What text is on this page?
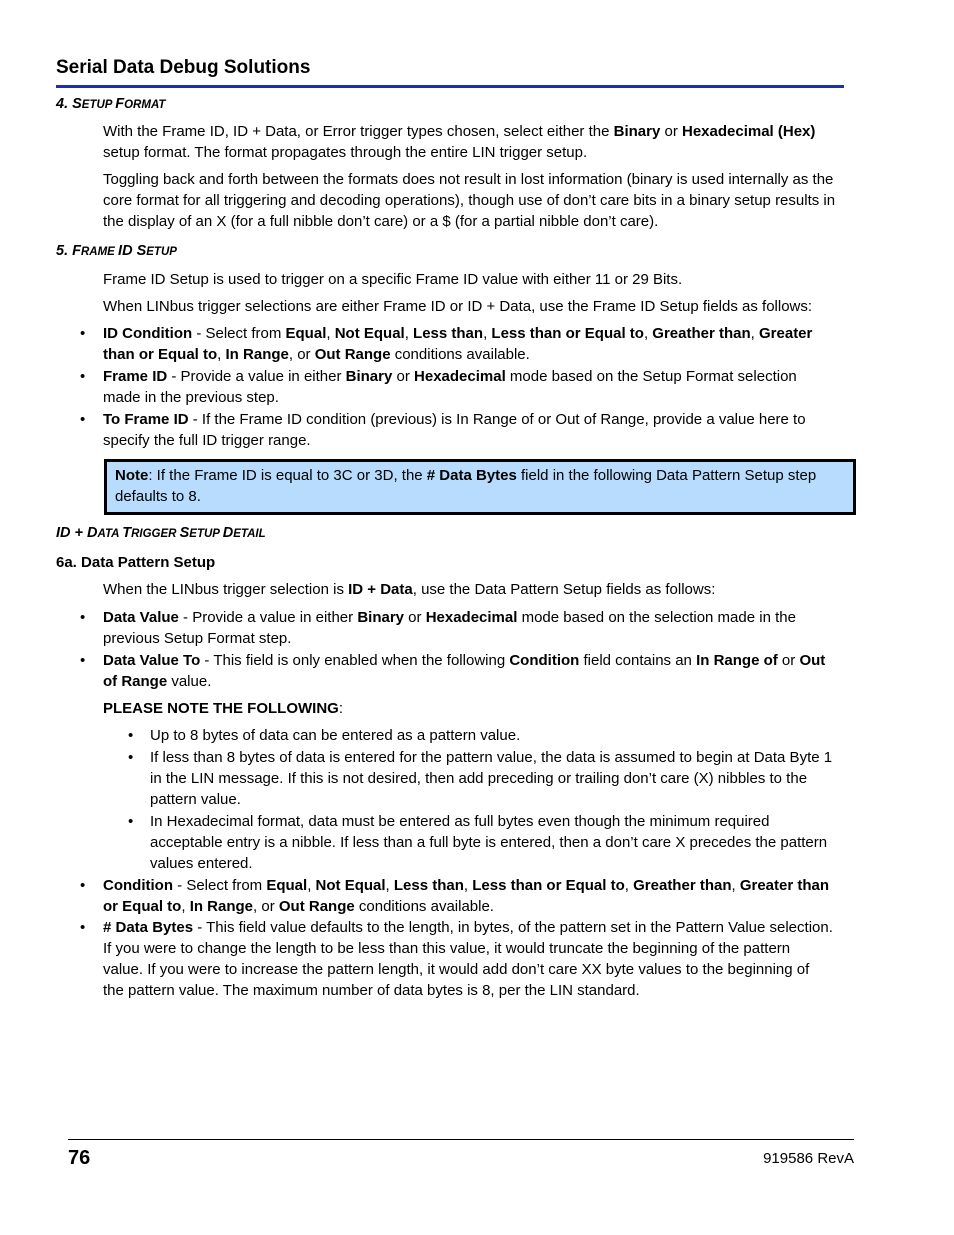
Serial Data Debug Solutions
4. SETUP FORMAT
With the Frame ID, ID + Data, or Error trigger types chosen, select either the Binary or Hexadecimal (Hex) setup format. The format propagates through the entire LIN trigger setup.
Toggling back and forth between the formats does not result in lost information (binary is used internally as the core format for all triggering and decoding operations), though use of don’t care bits in a binary setup results in the display of an X (for a full nibble don’t care) or a $ (for a partial nibble don’t care).
5. FRAME ID SETUP
Frame ID Setup is used to trigger on a specific Frame ID value with either 11 or 29 Bits.
When LINbus trigger selections are either Frame ID or ID + Data, use the Frame ID Setup fields as follows:
• ID Condition - Select from Equal, Not Equal, Less than, Less than or Equal to, Greather than, Greater than or Equal to, In Range, or Out Range conditions available.
• Frame ID - Provide a value in either Binary or Hexadecimal mode based on the Setup Format selection made in the previous step.
• To Frame ID - If the Frame ID condition (previous) is In Range of or Out of Range, provide a value here to specify the full ID trigger range.
Note: If the Frame ID is equal to 3C or 3D, the # Data Bytes field in the following Data Pattern Setup step defaults to 8.
ID + DATA TRIGGER SETUP DETAIL
6a. Data Pattern Setup
When the LINbus trigger selection is ID + Data, use the Data Pattern Setup fields as follows:
• Data Value - Provide a value in either Binary or Hexadecimal mode based on the selection made in the previous Setup Format step.
• Data Value To - This field is only enabled when the following Condition field contains an In Range of or Out of Range value.
PLEASE NOTE THE FOLLOWING:
• Up to 8 bytes of data can be entered as a pattern value.
• If less than 8 bytes of data is entered for the pattern value, the data is assumed to begin at Data Byte 1 in the LIN message. If this is not desired, then add preceding or trailing don’t care (X) nibbles to the pattern value.
• In Hexadecimal format, data must be entered as full bytes even though the minimum required acceptable entry is a nibble. If less than a full byte is entered, then a don’t care X precedes the pattern values entered.
• Condition - Select from Equal, Not Equal, Less than, Less than or Equal to, Greather than, Greater than or Equal to, In Range, or Out Range conditions available.
• # Data Bytes - This field value defaults to the length, in bytes, of the pattern set in the Pattern Value selection. If you were to change the length to be less than this value, it would truncate the beginning of the pattern value. If you were to increase the pattern length, it would add don’t care XX byte values to the beginning of the pattern value. The maximum number of data bytes is 8, per the LIN standard.
76	919586 RevA
